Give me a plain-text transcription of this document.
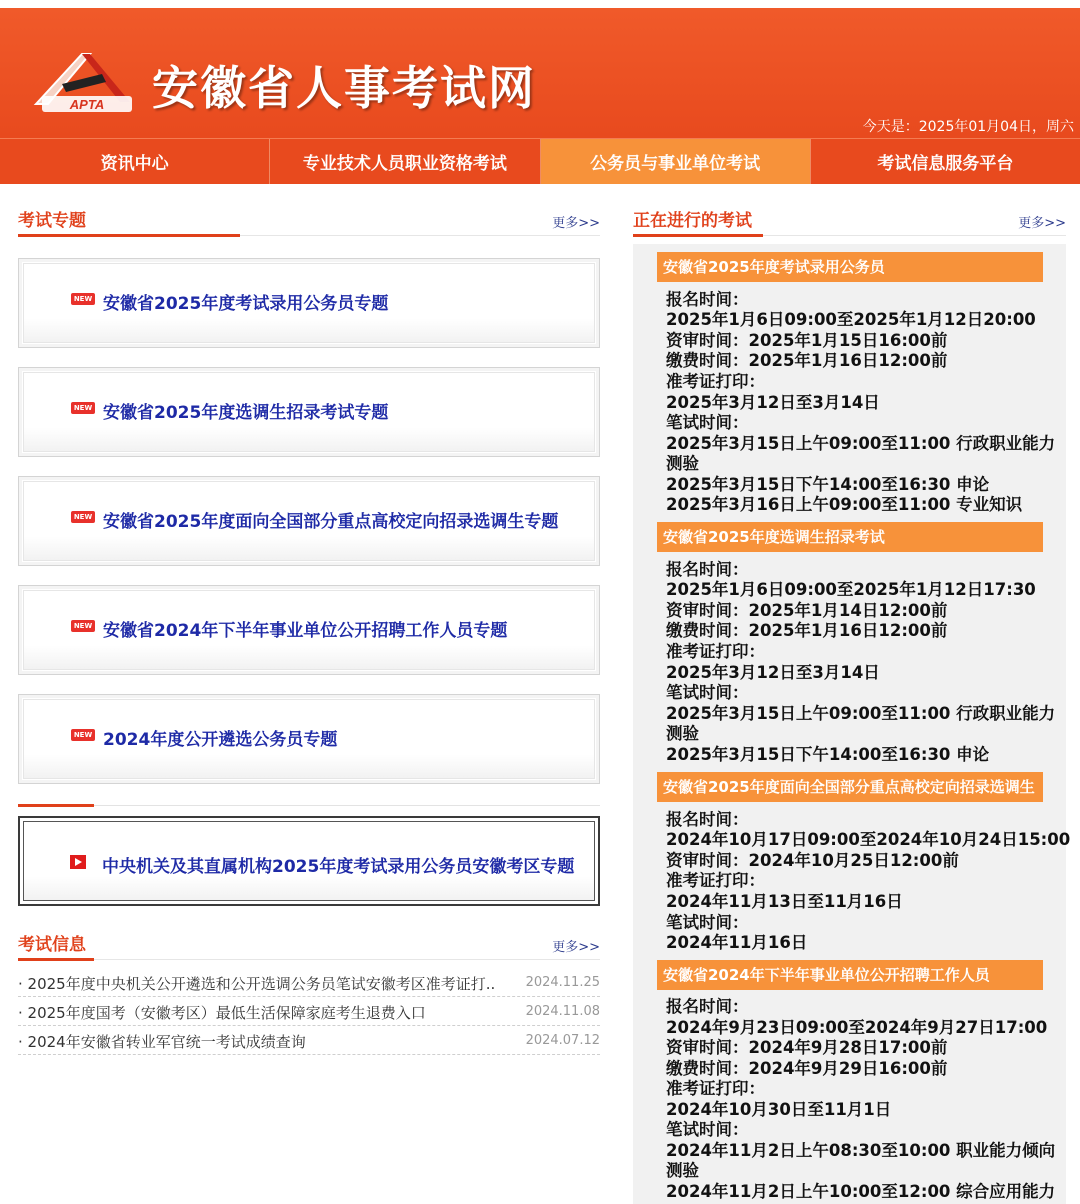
APTA 安徽省人事考试网
今天是：2025年01月04日，周六
资讯中心	专业技术人员职业资格考试	公务员与事业单位考试	考试信息服务平台
考试专题	更多>>
NEW 安徽省2025年度考试录用公务员专题
NEW 安徽省2025年度选调生招录考试专题
NEW 安徽省2025年度面向全国部分重点高校定向招录选调生专题
NEW 安徽省2024年下半年事业单位公开招聘工作人员专题
NEW 2024年度公开遴选公务员专题
中央机关及其直属机构2025年度考试录用公务员安徽考区专题
考试信息	更多>>
· 2025年度中央机关公开遴选和公开选调公务员笔试安徽考区准考证打..	2024.11.25
· 2025年度国考（安徽考区）最低生活保障家庭考生退费入口	2024.11.08
· 2024年安徽省转业军官统一考试成绩查询	2024.07.12
正在进行的考试	更多>>
安徽省2025年度考试录用公务员
报名时间：
2025年1月6日09:00至2025年1月12日20:00
资审时间：2025年1月15日16:00前
缴费时间：2025年1月16日12:00前
准考证打印：
2025年3月12日至3月14日
笔试时间：
2025年3月15日上午09:00至11:00 行政职业能力
测验
2025年3月15日下午14:00至16:30 申论
2025年3月16日上午09:00至11:00 专业知识
安徽省2025年度选调生招录考试
报名时间：
2025年1月6日09:00至2025年1月12日17:30
资审时间：2025年1月14日12:00前
缴费时间：2025年1月16日12:00前
准考证打印：
2025年3月12日至3月14日
笔试时间：
2025年3月15日上午09:00至11:00 行政职业能力
测验
2025年3月15日下午14:00至16:30 申论
安徽省2025年度面向全国部分重点高校定向招录选调生
报名时间：
2024年10月17日09:00至2024年10月24日15:00
资审时间：2024年10月25日12:00前
准考证打印：
2024年11月13日至11月16日
笔试时间：
2024年11月16日
安徽省2024年下半年事业单位公开招聘工作人员
报名时间：
2024年9月23日09:00至2024年9月27日17:00
资审时间：2024年9月28日17:00前
缴费时间：2024年9月29日16:00前
准考证打印：
2024年10月30日至11月1日
笔试时间：
2024年11月2日上午08:30至10:00 职业能力倾向
测验
2024年11月2日上午10:00至12:00 综合应用能力
